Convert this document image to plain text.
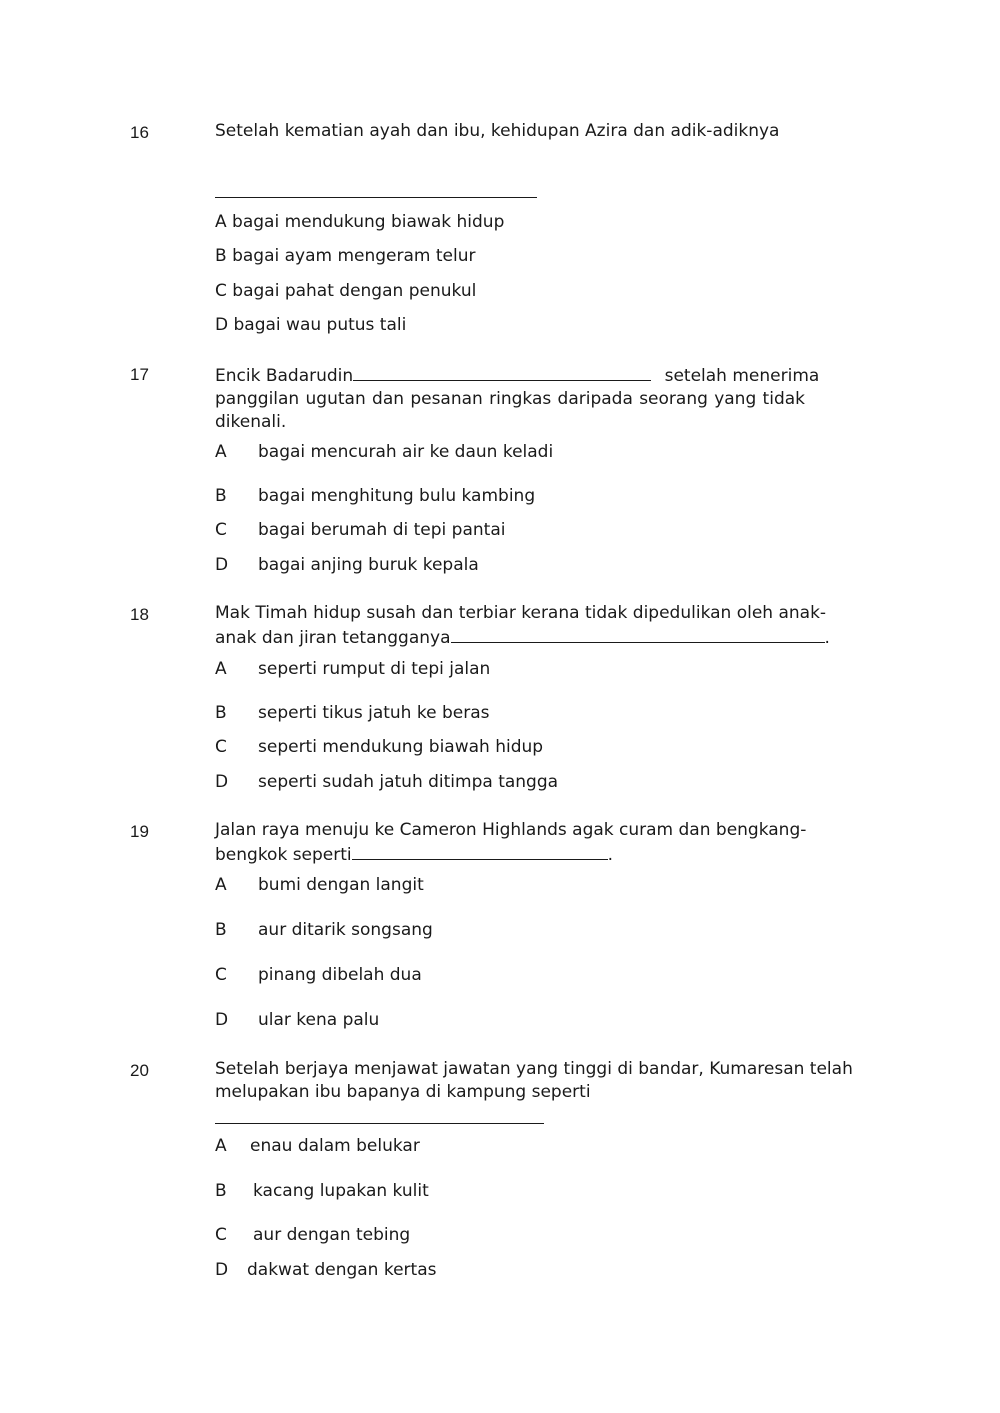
16	Setelah kematian ayah dan ibu, kehidupan Azira dan adik-adiknya
A bagai mendukung biawak hidup
B bagai ayam mengeram telur
C bagai pahat dengan penukul
D bagai wau putus tali
17	Encik Badarudin	setelah menerima
panggilan ugutan dan pesanan ringkas daripada seorang yang tidak
dikenali.
A bagai mencurah air ke daun keladi
B bagai menghitung bulu kambing
C bagai berumah di tepi pantai
D bagai anjing buruk kepala
18	Mak Timah hidup susah dan terbiar kerana tidak dipedulikan oleh anak-
anak dan jiran tetangganya	.
A seperti rumput di tepi jalan
B seperti tikus jatuh ke beras
C seperti mendukung biawah hidup
D seperti sudah jatuh ditimpa tangga
19	Jalan raya menuju ke Cameron Highlands agak curam dan bengkang-
bengkok seperti	.
A bumi dengan langit
B aur ditarik songsang
C pinang dibelah dua
D ular kena palu
20	Setelah berjaya menjawat jawatan yang tinggi di bandar, Kumaresan telah
melupakan ibu bapanya di kampung seperti
A enau dalam belukar
B kacang lupakan kulit
C aur dengan tebing
D dakwat dengan kertas
